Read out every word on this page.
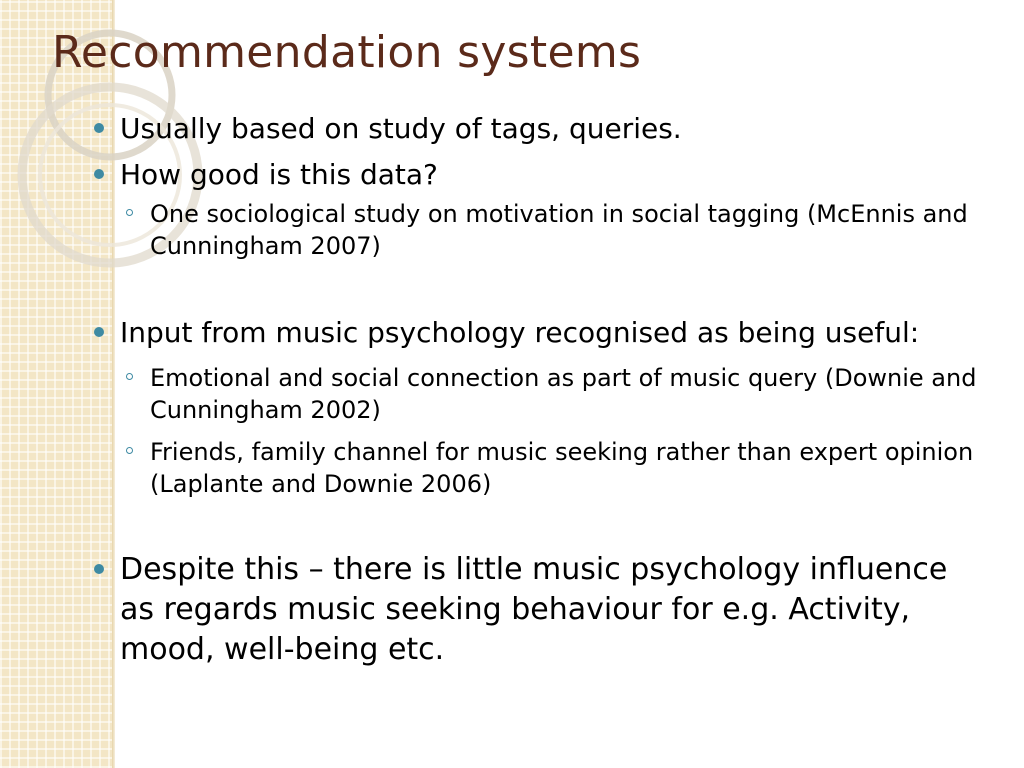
Recommendation systems
Usually based on study of tags, queries.
How good is this data?
One sociological study on motivation in social tagging (McEnnis and Cunningham 2007)
Input from music psychology recognised as being useful:
Emotional and social connection as part of music query (Downie and Cunningham 2002)
Friends, family channel for music seeking rather than expert opinion (Laplante and Downie 2006)
Despite this – there is little music psychology influence as regards music seeking behaviour for e.g. Activity, mood, well-being etc.
